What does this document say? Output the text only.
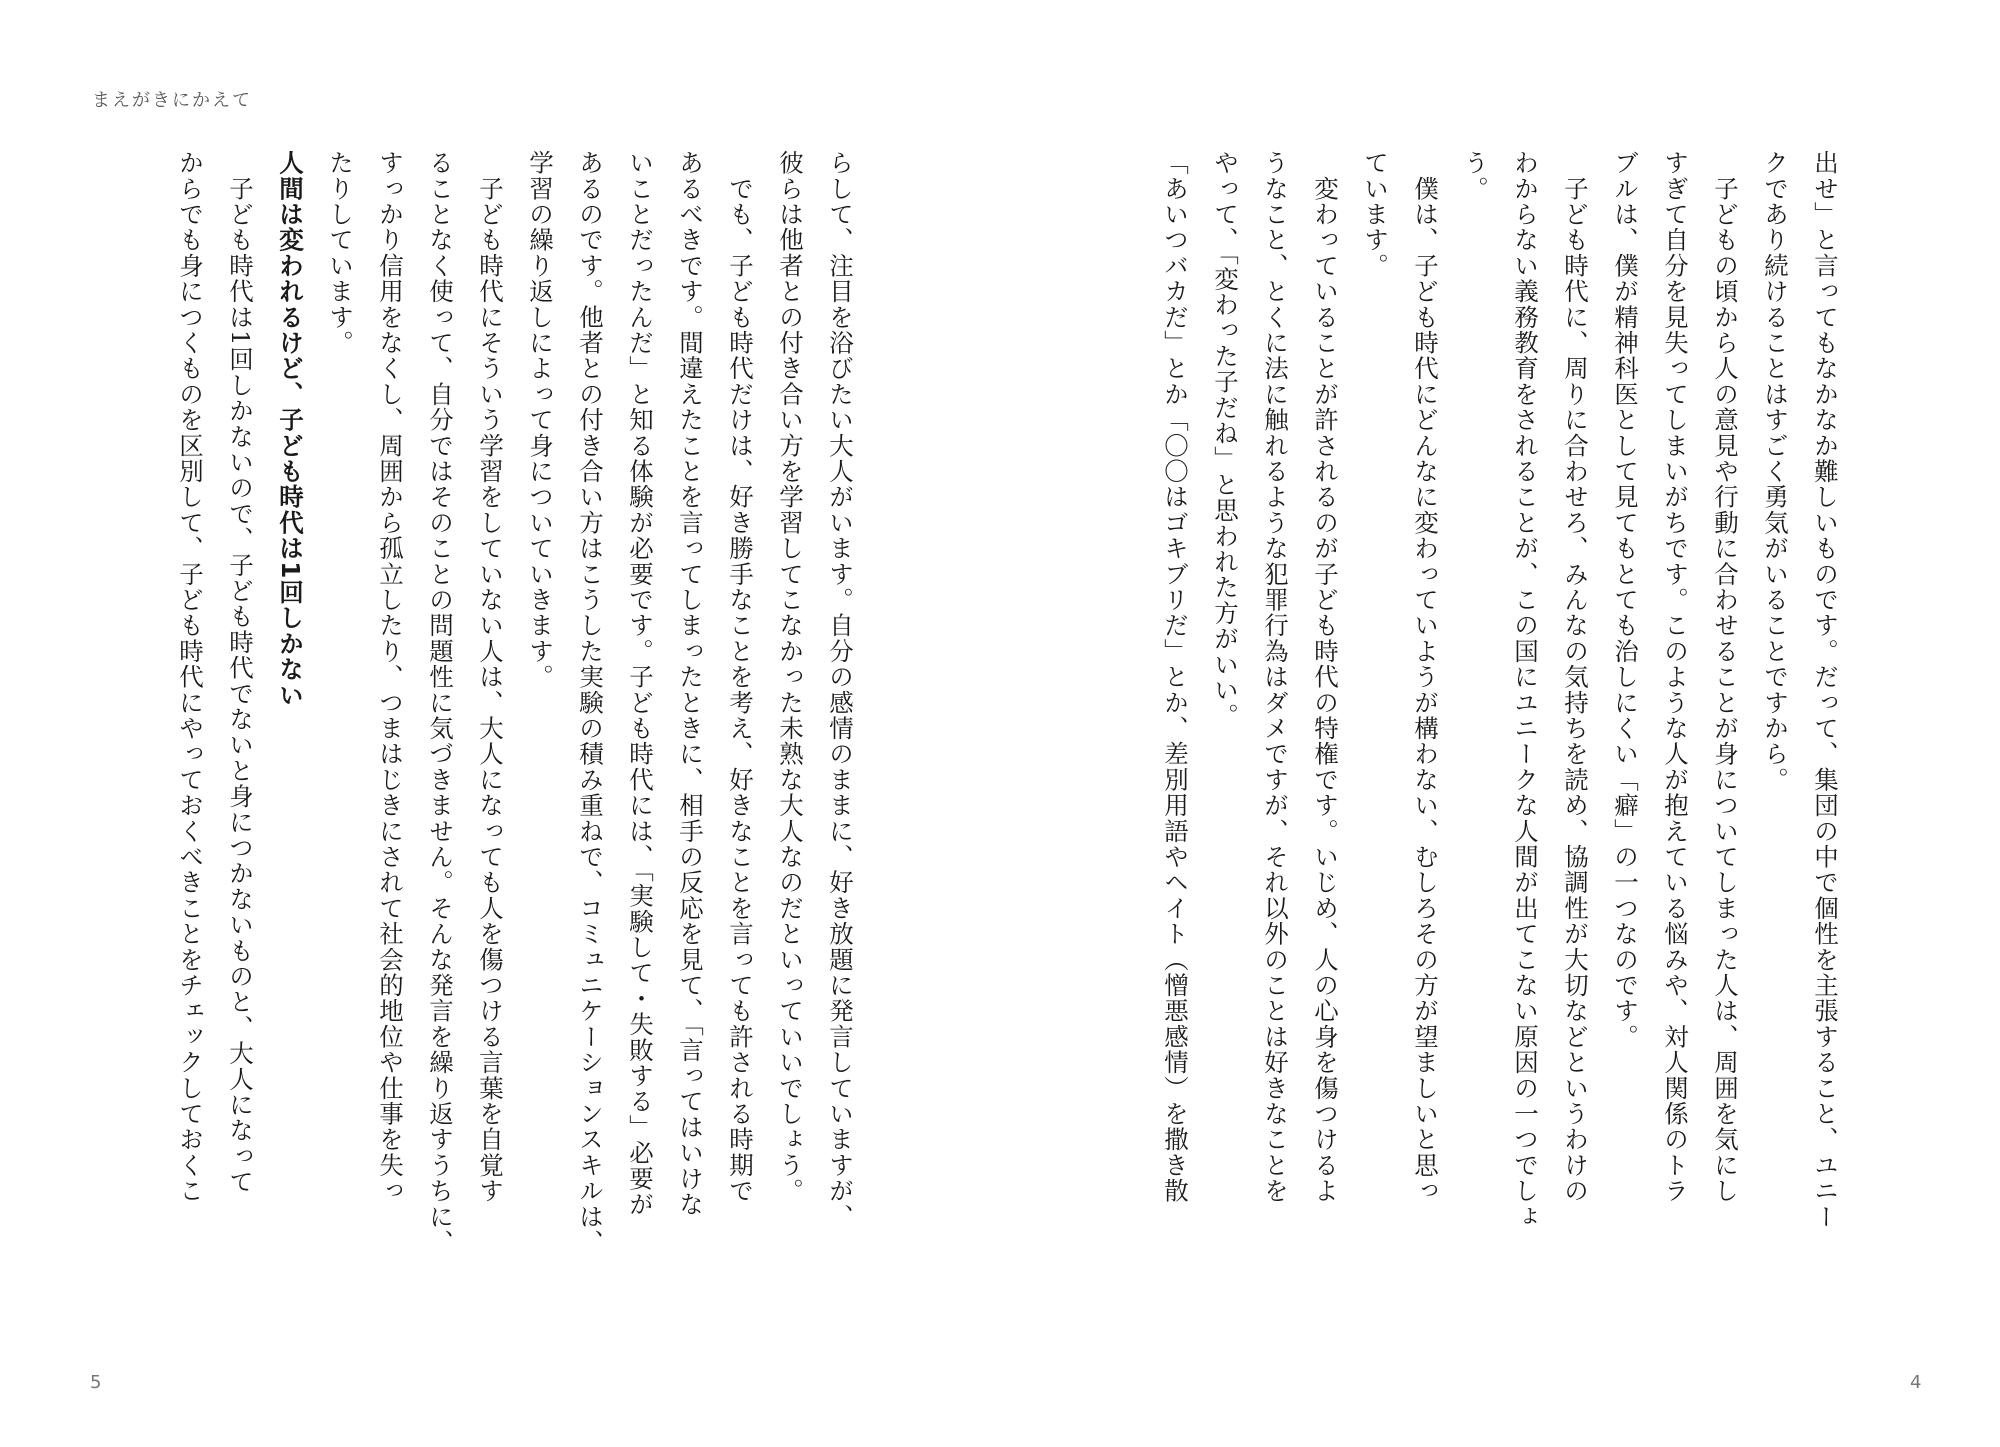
まえがきにかえて

出せ」と言ってもなかなか難しいものです。だって、集団の中で個性を主張すること、ユニー

クであり続けることはすごく勇気がいることですから。

　子どもの頃から人の意見や行動に合わせることが身についてしまった人は、周囲を気にし

すぎて自分を見失ってしまいがちです。このような人が抱えている悩みや、対人関係のトラ

ブルは、僕が精神科医として見てもとても治しにくい「癖」の一つなのです。

　子ども時代に、周りに合わせろ、みんなの気持ちを読め、協調性が大切などというわけの

わからない義務教育をされることが、この国にユニークな人間が出てこない原因の一つでしょ

う。

　僕は、子ども時代にどんなに変わっていようが構わない、むしろその方が望ましいと思っ

ています。

　変わっていることが許されるのが子ども時代の特権です。いじめ、人の心身を傷つけるよ

うなこと、とくに法に触れるような犯罪行為はダメですが、それ以外のことは好きなことを

やって、「変わった子だね」と思われた方がいい。

「あいつバカだ」とか「〇〇はゴキブリだ」とか、差別用語やヘイト（憎悪感情）を撒き散

らして、注目を浴びたい大人がいます。自分の感情のままに、好き放題に発言していますが、

彼らは他者との付き合い方を学習してこなかった未熟な大人なのだといっていいでしょう。

　でも、子ども時代だけは、好き勝手なことを考え、好きなことを言っても許される時期で

あるべきです。間違えたことを言ってしまったときに、相手の反応を見て、「言ってはいけな

いことだったんだ」と知る体験が必要です。子ども時代には、「実験して・失敗する」必要が

あるのです。他者との付き合い方はこうした実験の積み重ねで、コミュニケーションスキルは、

学習の繰り返しによって身についていきます。

　子ども時代にそういう学習をしていない人は、大人になっても人を傷つける言葉を自覚す

ることなく使って、自分ではそのことの問題性に気づきません。そんな発言を繰り返すうちに、

すっかり信用をなくし、周囲から孤立したり、つまはじきにされて社会的地位や仕事を失っ

たりしています。

人間は変われるけど、子ども時代は1回しかない

　子ども時代は1回しかないので、子ども時代でないと身につかないものと、大人になって

からでも身につくものを区別して、子ども時代にやっておくべきことをチェックしておくこ

5	4
